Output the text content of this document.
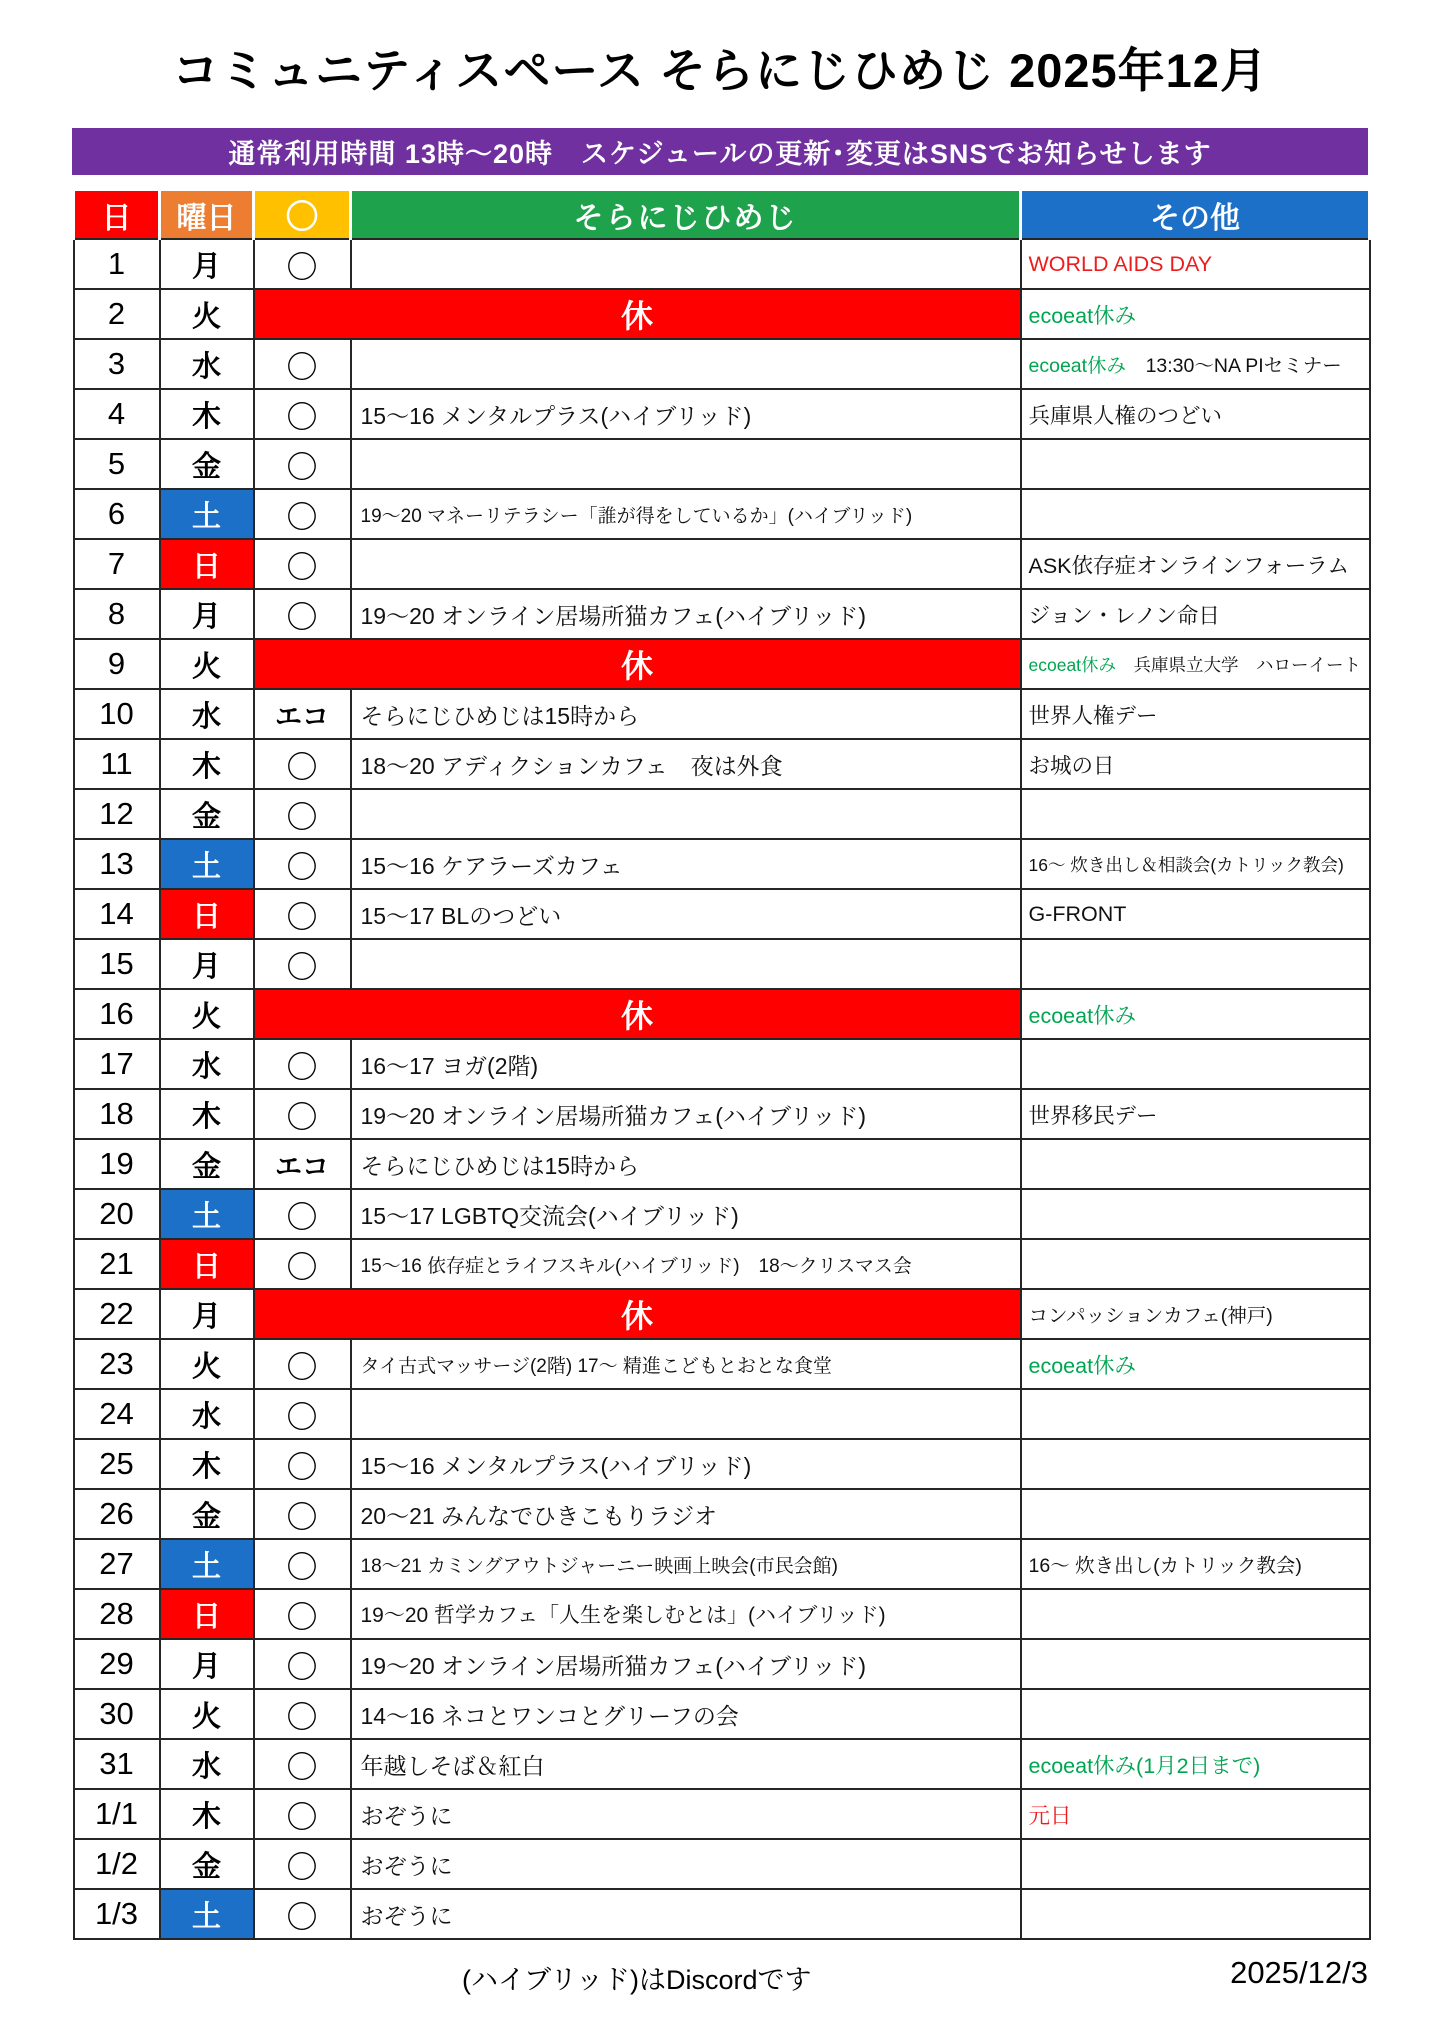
コミュニティスペース そらにじひめじ 2025年12月
通常利用時間 13時～20時　スケジュールの更新･変更はSNSでお知らせします
日	曜日	〇	そらにじひめじ	その他
1	月	〇		WORLD AIDS DAY
2	火	休		ecoeat休み
3	水	〇		ecoeat休み　13:30～NA PIセミナー
4	木	〇	15～16 メンタルプラス(ハイブリッド)	兵庫県人権のつどい
5	金	〇		
6	土	〇	19～20 マネーリテラシー「誰が得をしているか」(ハイブリッド)	
7	日	〇		ASK依存症オンラインフォーラム
8	月	〇	19～20 オンライン居場所猫カフェ(ハイブリッド)	ジョン・レノン命日
9	火	休		ecoeat休み　兵庫県立大学　ハローイート
10	水	エコ	そらにじひめじは15時から	世界人権デー
11	木	〇	18～20 アディクションカフェ　夜は外食	お城の日
12	金	〇		
13	土	〇	15～16 ケアラーズカフェ	16～ 炊き出し＆相談会(カトリック教会)
14	日	〇	15～17 BLのつどい	G-FRONT
15	月	〇		
16	火	休		ecoeat休み
17	水	〇	16～17 ヨガ(2階)	
18	木	〇	19～20 オンライン居場所猫カフェ(ハイブリッド)	世界移民デー
19	金	エコ	そらにじひめじは15時から	
20	土	〇	15～17 LGBTQ交流会(ハイブリッド)	
21	日	〇	15～16 依存症とライフスキル(ハイブリッド)　18～クリスマス会	
22	月	休		コンパッションカフェ(神戸)
23	火	〇	タイ古式マッサージ(2階) 17～ 精進こどもとおとな食堂	ecoeat休み
24	水	〇		
25	木	〇	15～16 メンタルプラス(ハイブリッド)	
26	金	〇	20～21 みんなでひきこもりラジオ	
27	土	〇	18～21 カミングアウトジャーニー映画上映会(市民会館)	16～ 炊き出し(カトリック教会)
28	日	〇	19～20 哲学カフェ「人生を楽しむとは」(ハイブリッド)	
29	月	〇	19～20 オンライン居場所猫カフェ(ハイブリッド)	
30	火	〇	14～16 ネコとワンコとグリーフの会	
31	水	〇	年越しそば＆紅白	ecoeat休み(1月2日まで)
1/1	木	〇	おぞうに	元日
1/2	金	〇	おぞうに	
1/3	土	〇	おぞうに	
(ハイブリッド)はDiscordです	2025/12/3
